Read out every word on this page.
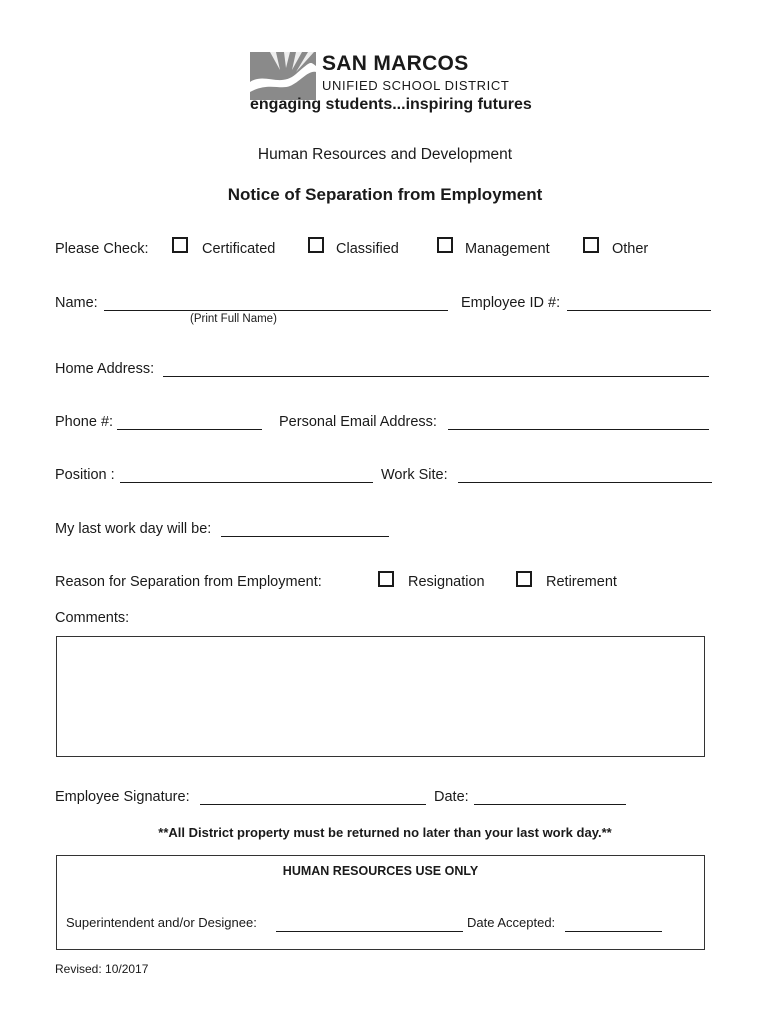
SAN MARCOS
UNIFIED SCHOOL DISTRICT
engaging students...inspiring futures
Human Resources and Development
Notice of Separation from Employment
Please Check:	Certificated	Classified	Management	Other
Name:
(Print Full Name)
Employee ID #:
Home Address:
Phone #:	Personal Email Address:
Position :	Work Site:
My last work day will be:
Reason for Separation from Employment:	Resignation	Retirement
Comments:
Employee Signature:	Date:
**All District property must be returned no later than your last work day.**
HUMAN RESOURCES USE ONLY
Superintendent and/or Designee:	Date Accepted:
Revised: 10/2017
